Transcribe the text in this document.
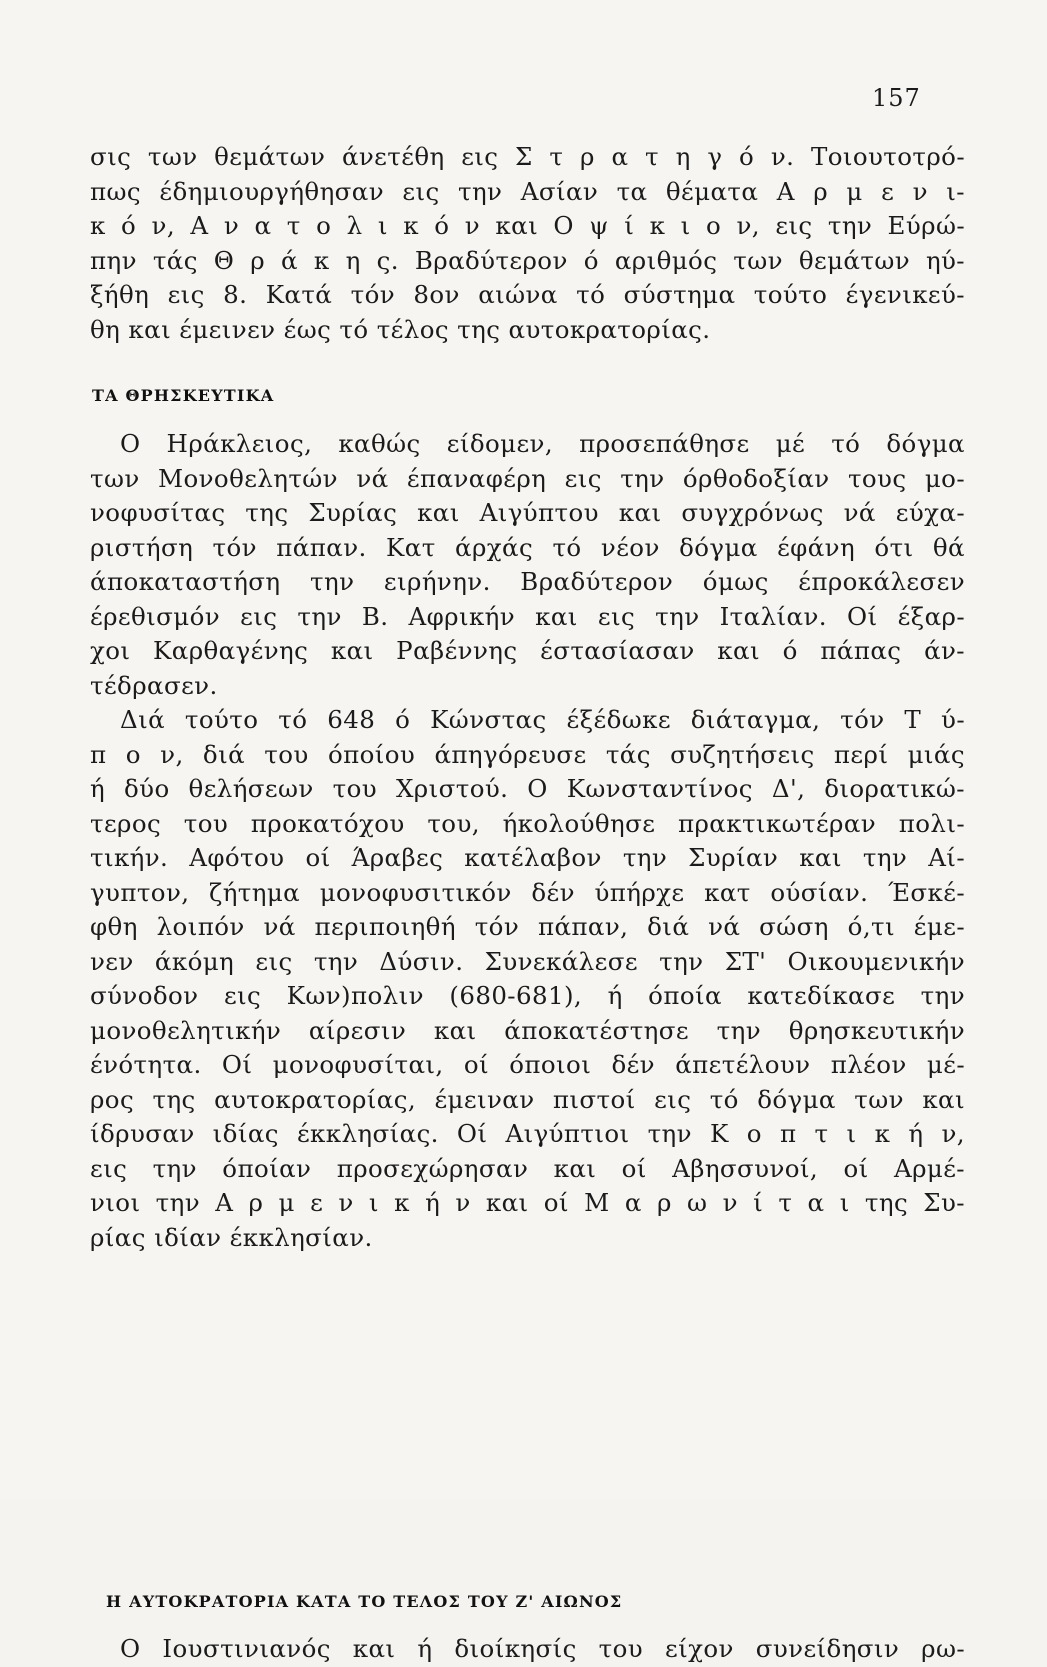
157
σις των θεμάτων άνετέθη εις Σ τ ρ α τ η γ ό ν. Τοιουτοτρό-
πως έδημιουργήθησαν εις την Ασίαν τα θέματα Α ρ μ ε ν ι-
κ ό ν, Α ν α τ ο λ ι κ ό ν και Ο ψ ί κ ι ο ν, εις την Εύρώ-
πην τάς Θ ρ ά κ η ς. Βραδύτερον ό αριθμός των θεμάτων ηύ-
ξήθη εις 8. Κατά τόν 8ον αιώνα τό σύστημα τούτο έγενικεύ-
θη και έμεινεν έως τό τέλος της αυτοκρατορίας.
ΤΑ ΘΡΗΣΚΕΥΤΙΚΑ
Ο Ηράκλειος, καθώς είδομεν, προσεπάθησε μέ τό δόγμα
των Μονοθελητών νά έπαναφέρη εις την όρθοδοξίαν τους μο-
νοφυσίτας της Συρίας και Αιγύπτου και συγχρόνως νά εύχα-
ριστήση τόν πάπαν. Κατ άρχάς τό νέον δόγμα έφάνη ότι θά
άποκαταστήση την ειρήνην. Βραδύτερον όμως έπροκάλεσεν
έρεθισμόν εις την Β. Αφρικήν και εις την Ιταλίαν. Οί έξαρ-
χοι Καρθαγένης και Ραβέννης έστασίασαν και ό πάπας άν-
τέδρασεν.
Διά τούτο τό 648 ό Κώνστας έξέδωκε διάταγμα, τόν Τ ύ-
π ο ν, διά του όποίου άπηγόρευσε τάς συζητήσεις περί μιάς
ή δύο θελήσεων του Χριστού. Ο Κωνσταντίνος Δ', διορατικώ-
τερος του προκατόχου του, ήκολούθησε πρακτικωτέραν πολι-
τικήν. Αφότου οί Άραβες κατέλαβον την Συρίαν και την Αί-
γυπτον, ζήτημα μονοφυσιτικόν δέν ύπήρχε κατ ούσίαν. Έσκέ-
φθη λοιπόν νά περιποιηθή τόν πάπαν, διά νά σώση ό,τι έμε-
νεν άκόμη εις την Δύσιν. Συνεκάλεσε την ΣΤ' Οικουμενικήν
σύνοδον εις Κων)πολιν (680-681), ή όποία κατεδίκασε την
μονοθελητικήν αίρεσιν και άποκατέστησε την θρησκευτικήν
ένότητα. Οί μονοφυσίται, οί όποιοι δέν άπετέλουν πλέον μέ-
ρος της αυτοκρατορίας, έμειναν πιστοί εις τό δόγμα των και
ίδρυσαν ιδίας έκκλησίας. Οί Αιγύπτιοι την Κ ο π τ ι κ ή ν,
εις την όποίαν προσεχώρησαν και οί Αβησσυνοί, οί Αρμέ-
νιοι την Α ρ μ ε ν ι κ ή ν και οί Μ α ρ ω ν ί τ α ι της Συ-
ρίας ιδίαν έκκλησίαν.
Η ΑΥΤΟΚΡΑΤΟΡΙΑ ΚΑΤΑ ΤΟ ΤΕΛΟΣ ΤΟΥ Ζ' ΑΙΩΝΟΣ
Ο Ιουστινιανός και ή διοίκησίς του είχον συνείδησιν ρω-
